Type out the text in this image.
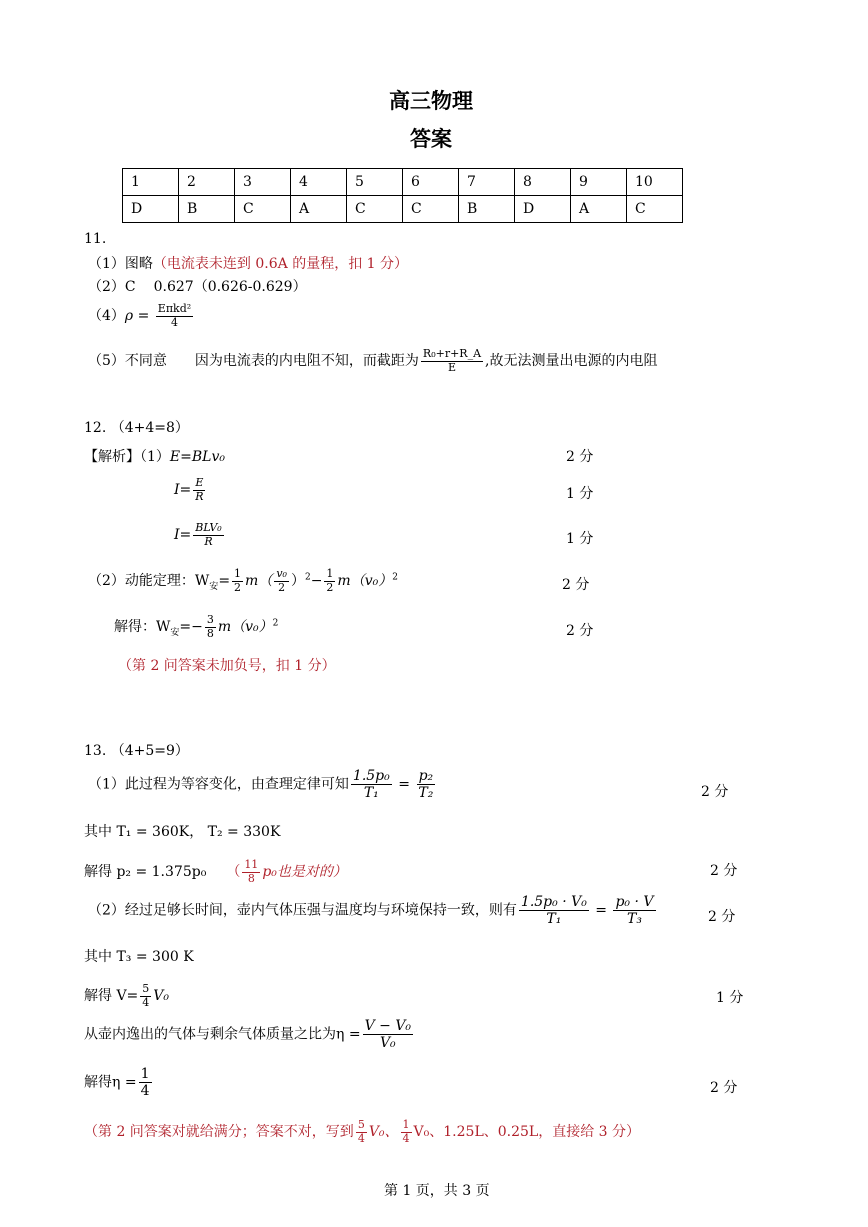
高三物理
答案
1	2	3	4	5	6	7	8	9	10
D	B	C	A	C	C	B	D	A	C
11.
（1）图略（电流表未连到 0.6A 的量程，扣 1 分）
（2）C 0.627（0.626-0.629）
$(4)\rho = \frac{\text{Eπkd²}}{4}$
（5）不同意 因为电流表的内电阻不知，而截距为 $\frac{\text{R₀+r+R\_A}}{E}$ ,故无法测量出电源的内电阻
12. （4+4=8）
【解析】（1）E=BLv₀	2 分
$I= \frac{E}{R}$	1 分
$I= \frac{\text{BLV₀}}{R}$	1 分
（2）动能定理：$W_安= \frac{1}{2} m( \frac{\text{v₀}}{2} )^2- \frac{1}{2} m(v_0)^2$	2 分
解得：$W_安=- \frac{3}{8} m(v_0)^2$	2 分
（第 2 问答案未加负号，扣 1 分）
13. （4+5=9）
（1）此过程为等容变化，由查理定律可知 $\frac{\text{1.5p₀}}{\text{T₁}} = \frac{\text{p₂}}{\text{T₂}}$	2 分
其中 T₁ = 360K， T₂ = 330K
解得 p₂ = 1.375p₀ （ $\frac{11}{8} p_0$也是对的）	2 分
（2）经过足够长时间，壶内气体压强与温度均与环境保持一致，则有 $\frac{\text{1.5p₀ · V₀}}{\text{T₁}} = \frac{\text{p₀ · V}}{\text{T₃}}$	2 分
其中 T₃ = 300 K
解得 $V= \frac{5}{4} V_0$	1 分
从壶内逸出的气体与剩余气体质量之比为$\eta = \frac{\text{V − V₀}}{\text{V₀}}$
解得$\eta = \frac{1}{4}$	2 分
（第 2 问答案对就给满分；答案不对，写到 $\frac{5}{4} V_0$、 $\frac{1}{4} V_0$、1.25L、0.25L，直接给 3 分）
第 1 页，共 3 页
